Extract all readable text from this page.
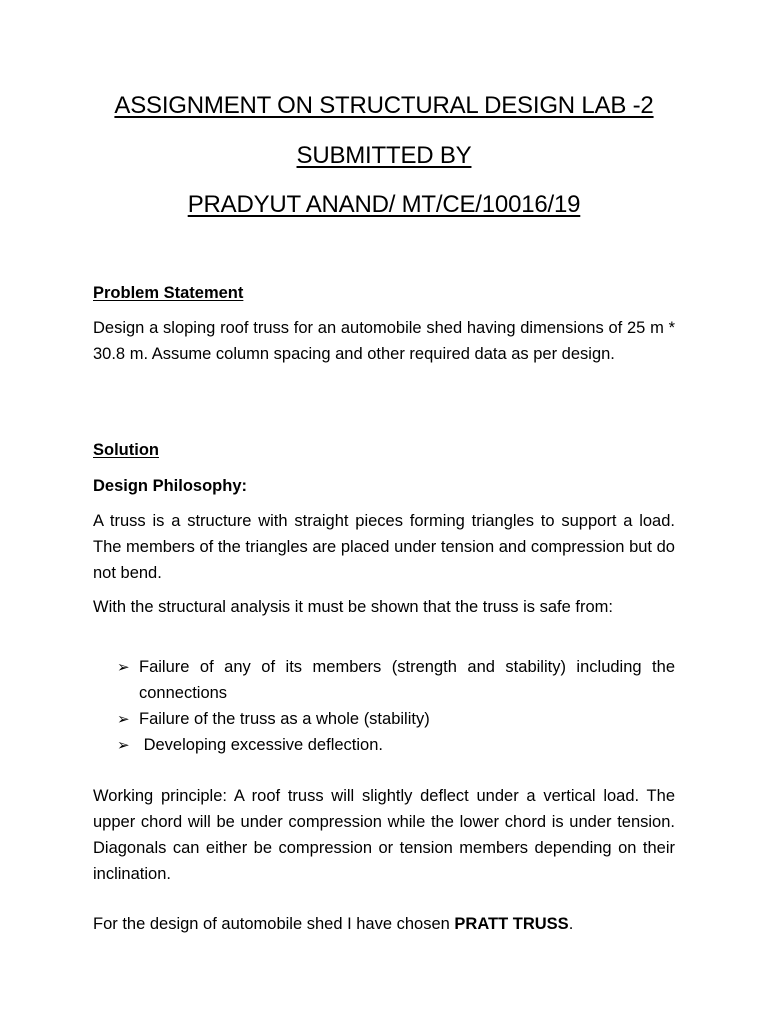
ASSIGNMENT ON STRUCTURAL DESIGN LAB -2
SUBMITTED BY
PRADYUT ANAND/ MT/CE/10016/19
Problem Statement
Design a sloping roof truss for an automobile shed having dimensions of 25 m * 30.8 m. Assume column spacing and other required data as per design.
Solution
Design Philosophy:
A truss is a structure with straight pieces forming triangles to support a load. The members of the triangles are placed under tension and compression but do not bend.
With the structural analysis it must be shown that the truss is safe from:
➢ Failure of any of its members (strength and stability) including the connections
➢ Failure of the truss as a whole (stability)
➢ Developing excessive deflection.
Working principle: A roof truss will slightly deflect under a vertical load. The upper chord will be under compression while the lower chord is under tension. Diagonals can either be compression or tension members depending on their inclination.
For the design of automobile shed I have chosen PRATT TRUSS.
